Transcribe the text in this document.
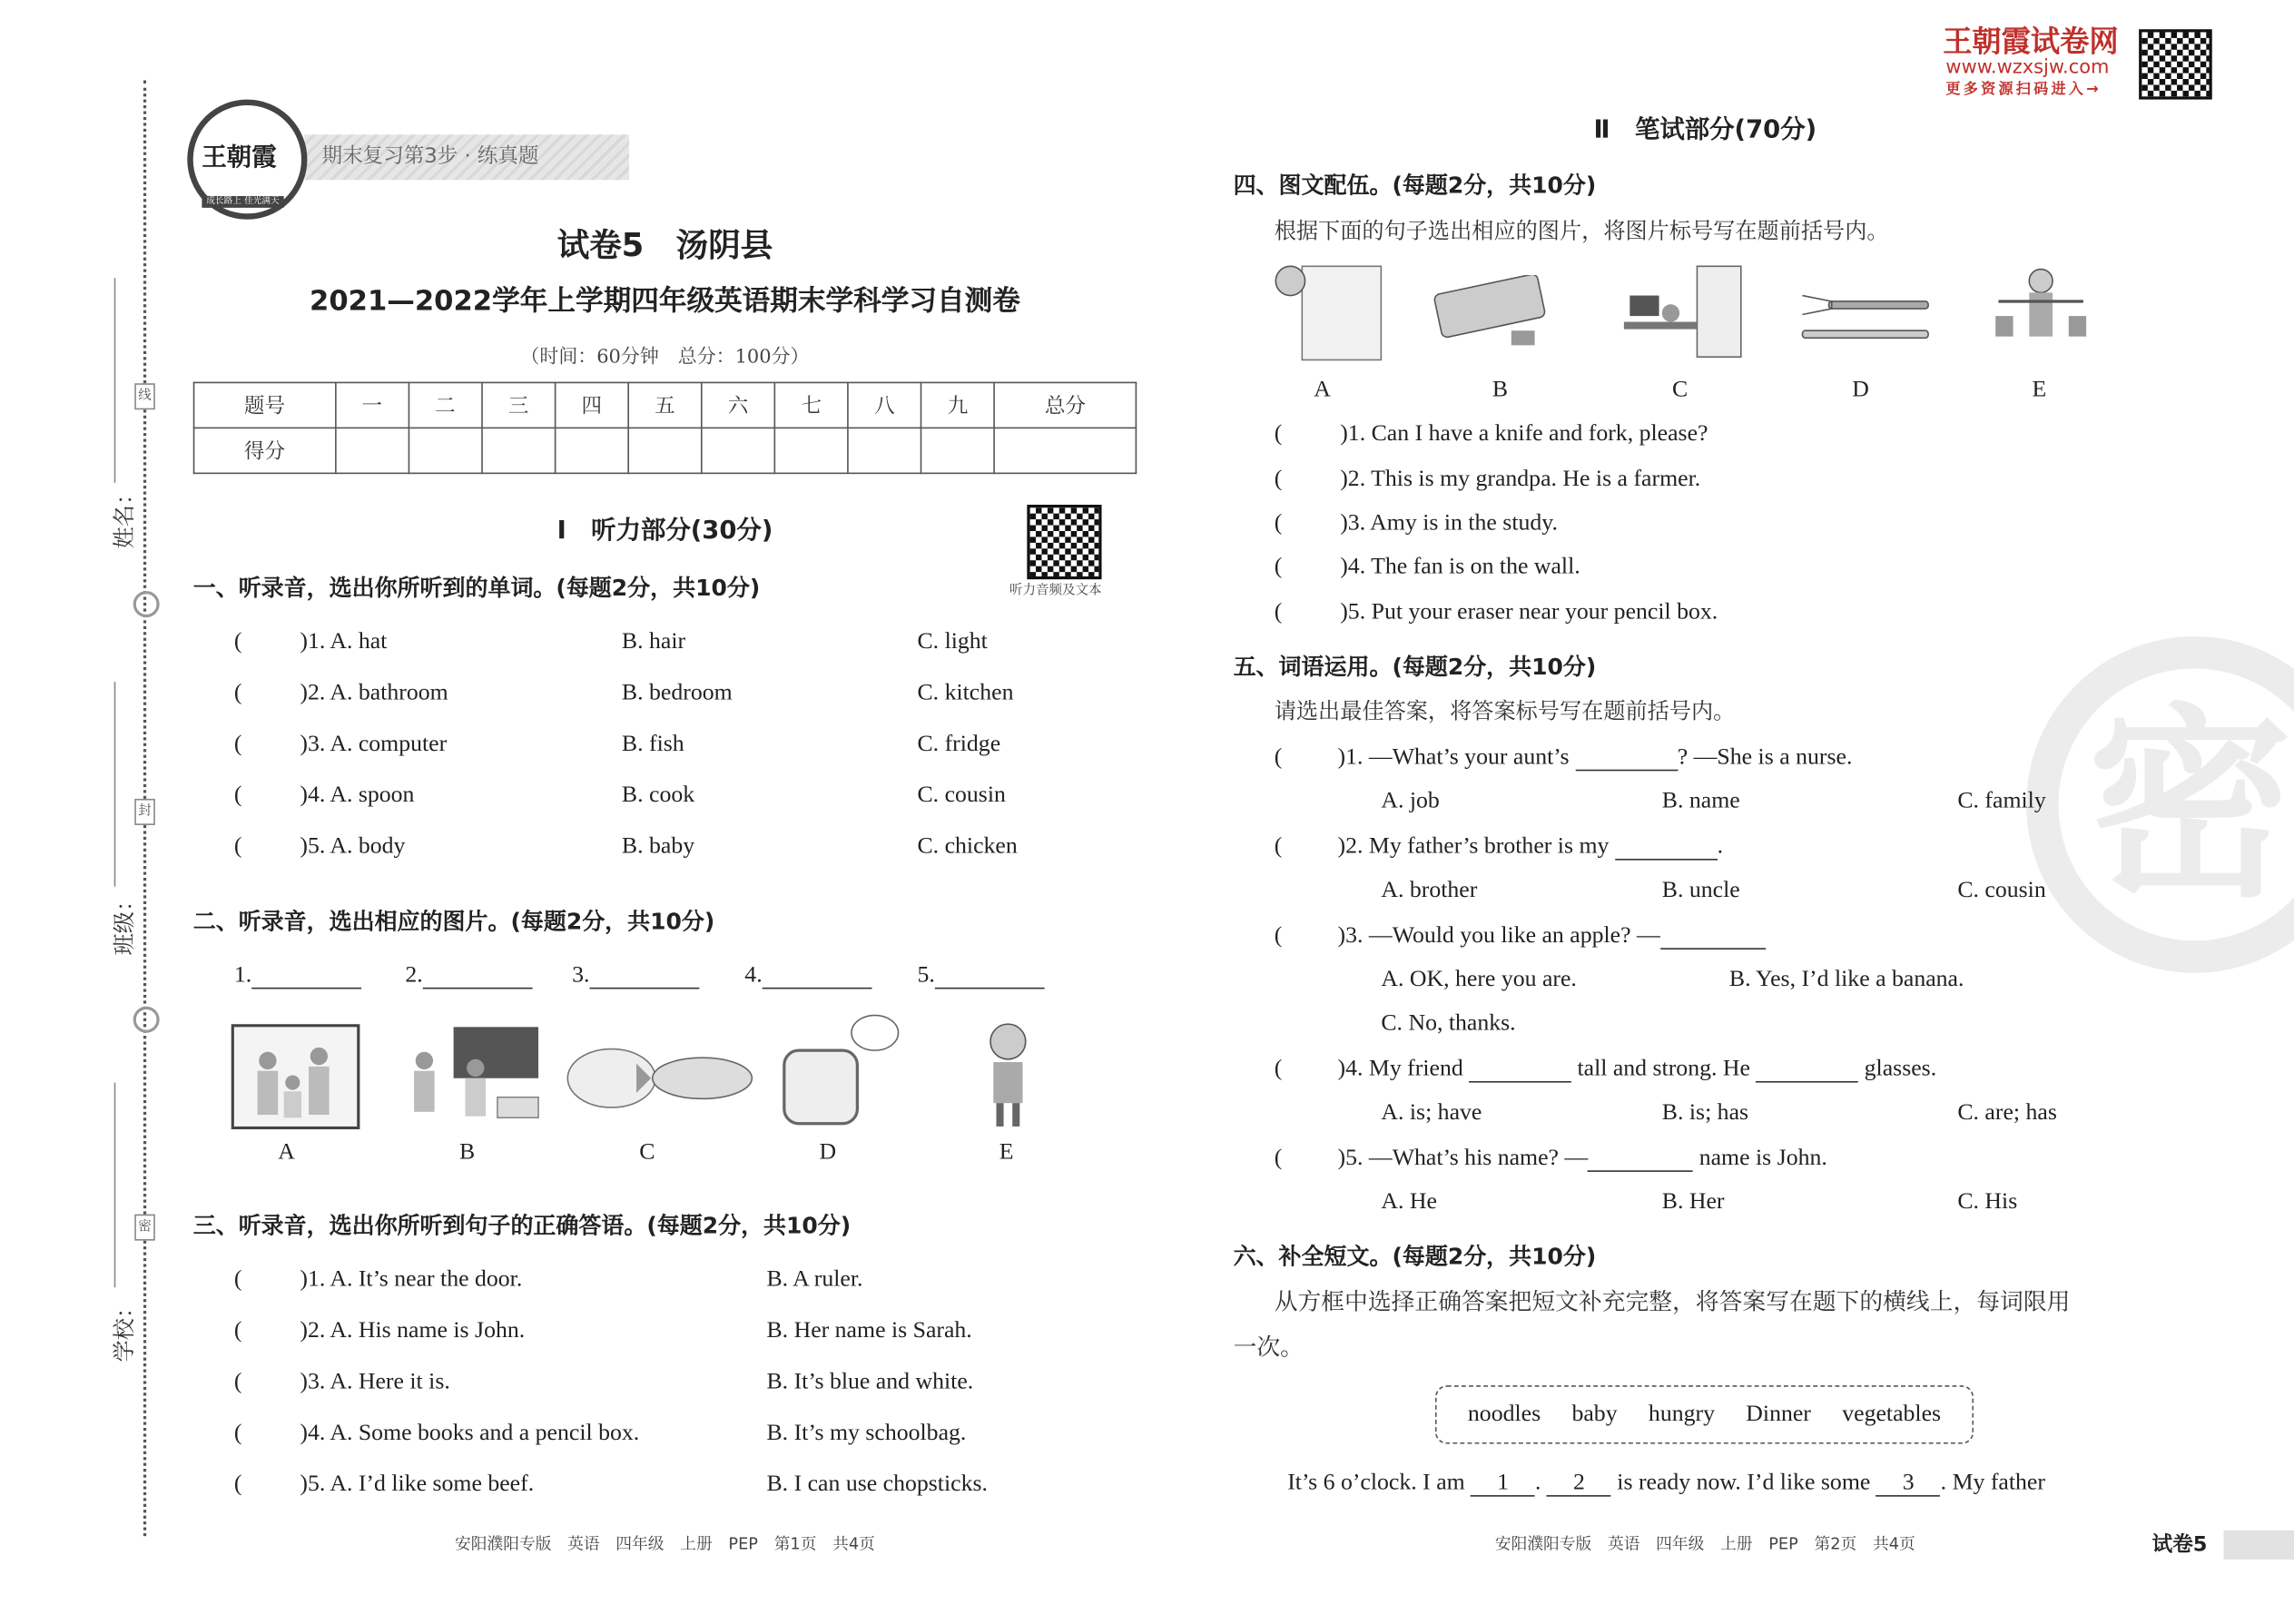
线
封
密
姓名：
班级：
学校：
期末复习第3步 · 练真题
王朝霞
成长路上 佳光满天
试卷5　汤阴县
2021—2022学年上学期四年级英语期末学科学习自测卷
（时间：60分钟　总分：100分）
题号	一	二	三	四	五	六	七	八	九	总分
得分										
Ⅰ　听力部分(30分)
听力音频及文本
一、听录音，选出你所听到的单词。(每题2分，共10分)
(	)1. A. hat	B. hair	C. light
(	)2. A. bathroom	B. bedroom	C. kitchen
(	)3. A. computer	B. fish	C. fridge
(	)4. A. spoon	B. cook	C. cousin
(	)5. A. body	B. baby	C. chicken
二、听录音，选出相应的图片。(每题2分，共10分)
1.	2.	3.	4.	5.
A	B	C	D	E
三、听录音，选出你所听到句子的正确答语。(每题2分，共10分)
(	)1. A. It’s near the door.	B. A ruler.
(	)2. A. His name is John.	B. Her name is Sarah.
(	)3. A. Here it is.	B. It’s blue and white.
(	)4. A. Some books and a pencil box.	B. It’s my schoolbag.
(	)5. A. I’d like some beef.	B. I can use chopsticks.
安阳濮阳专版　英语　四年级　上册　PEP　第1页　共4页
王朝霞试卷网
www.wzxsjw.com
更多资源扫码进入→
密
Ⅱ　笔试部分(70分)
四、图文配伍。(每题2分，共10分)
根据下面的句子选出相应的图片，将图片标号写在题前括号内。
A	B	C	D	E
(	)1. Can I have a knife and fork, please?
(	)2. This is my grandpa. He is a farmer.
(	)3. Amy is in the study.
(	)4. The fan is on the wall.
(	)5. Put your eraser near your pencil box.
五、词语运用。(每题2分，共10分)
请选出最佳答案，将答案标号写在题前括号内。
(	)1. —What’s your aunt’s	? —She is a nurse.
A. job	B. name	C. family
(	)2. My father’s brother is my	.
A. brother	B. uncle	C. cousin
(	)3. —Would you like an apple? —
A. OK, here you are.	B. Yes, I’d like a banana.
C. No, thanks.
(	)4. My friend	tall and strong. He	glasses.
A. is; have	B. is; has	C. are; has
(	)5. —What’s his name? —	name is John.
A. He	B. Her	C. His
六、补全短文。(每题2分，共10分)
从方框中选择正确答案把短文补充完整，将答案写在题下的横线上，每词限用
一次。
noodles baby hungry Dinner vegetables
It’s 6 o’clock. I am 1 . 2 is ready now. I’d like some 3 . My father
安阳濮阳专版　英语　四年级　上册　PEP　第2页　共4页	试卷5
